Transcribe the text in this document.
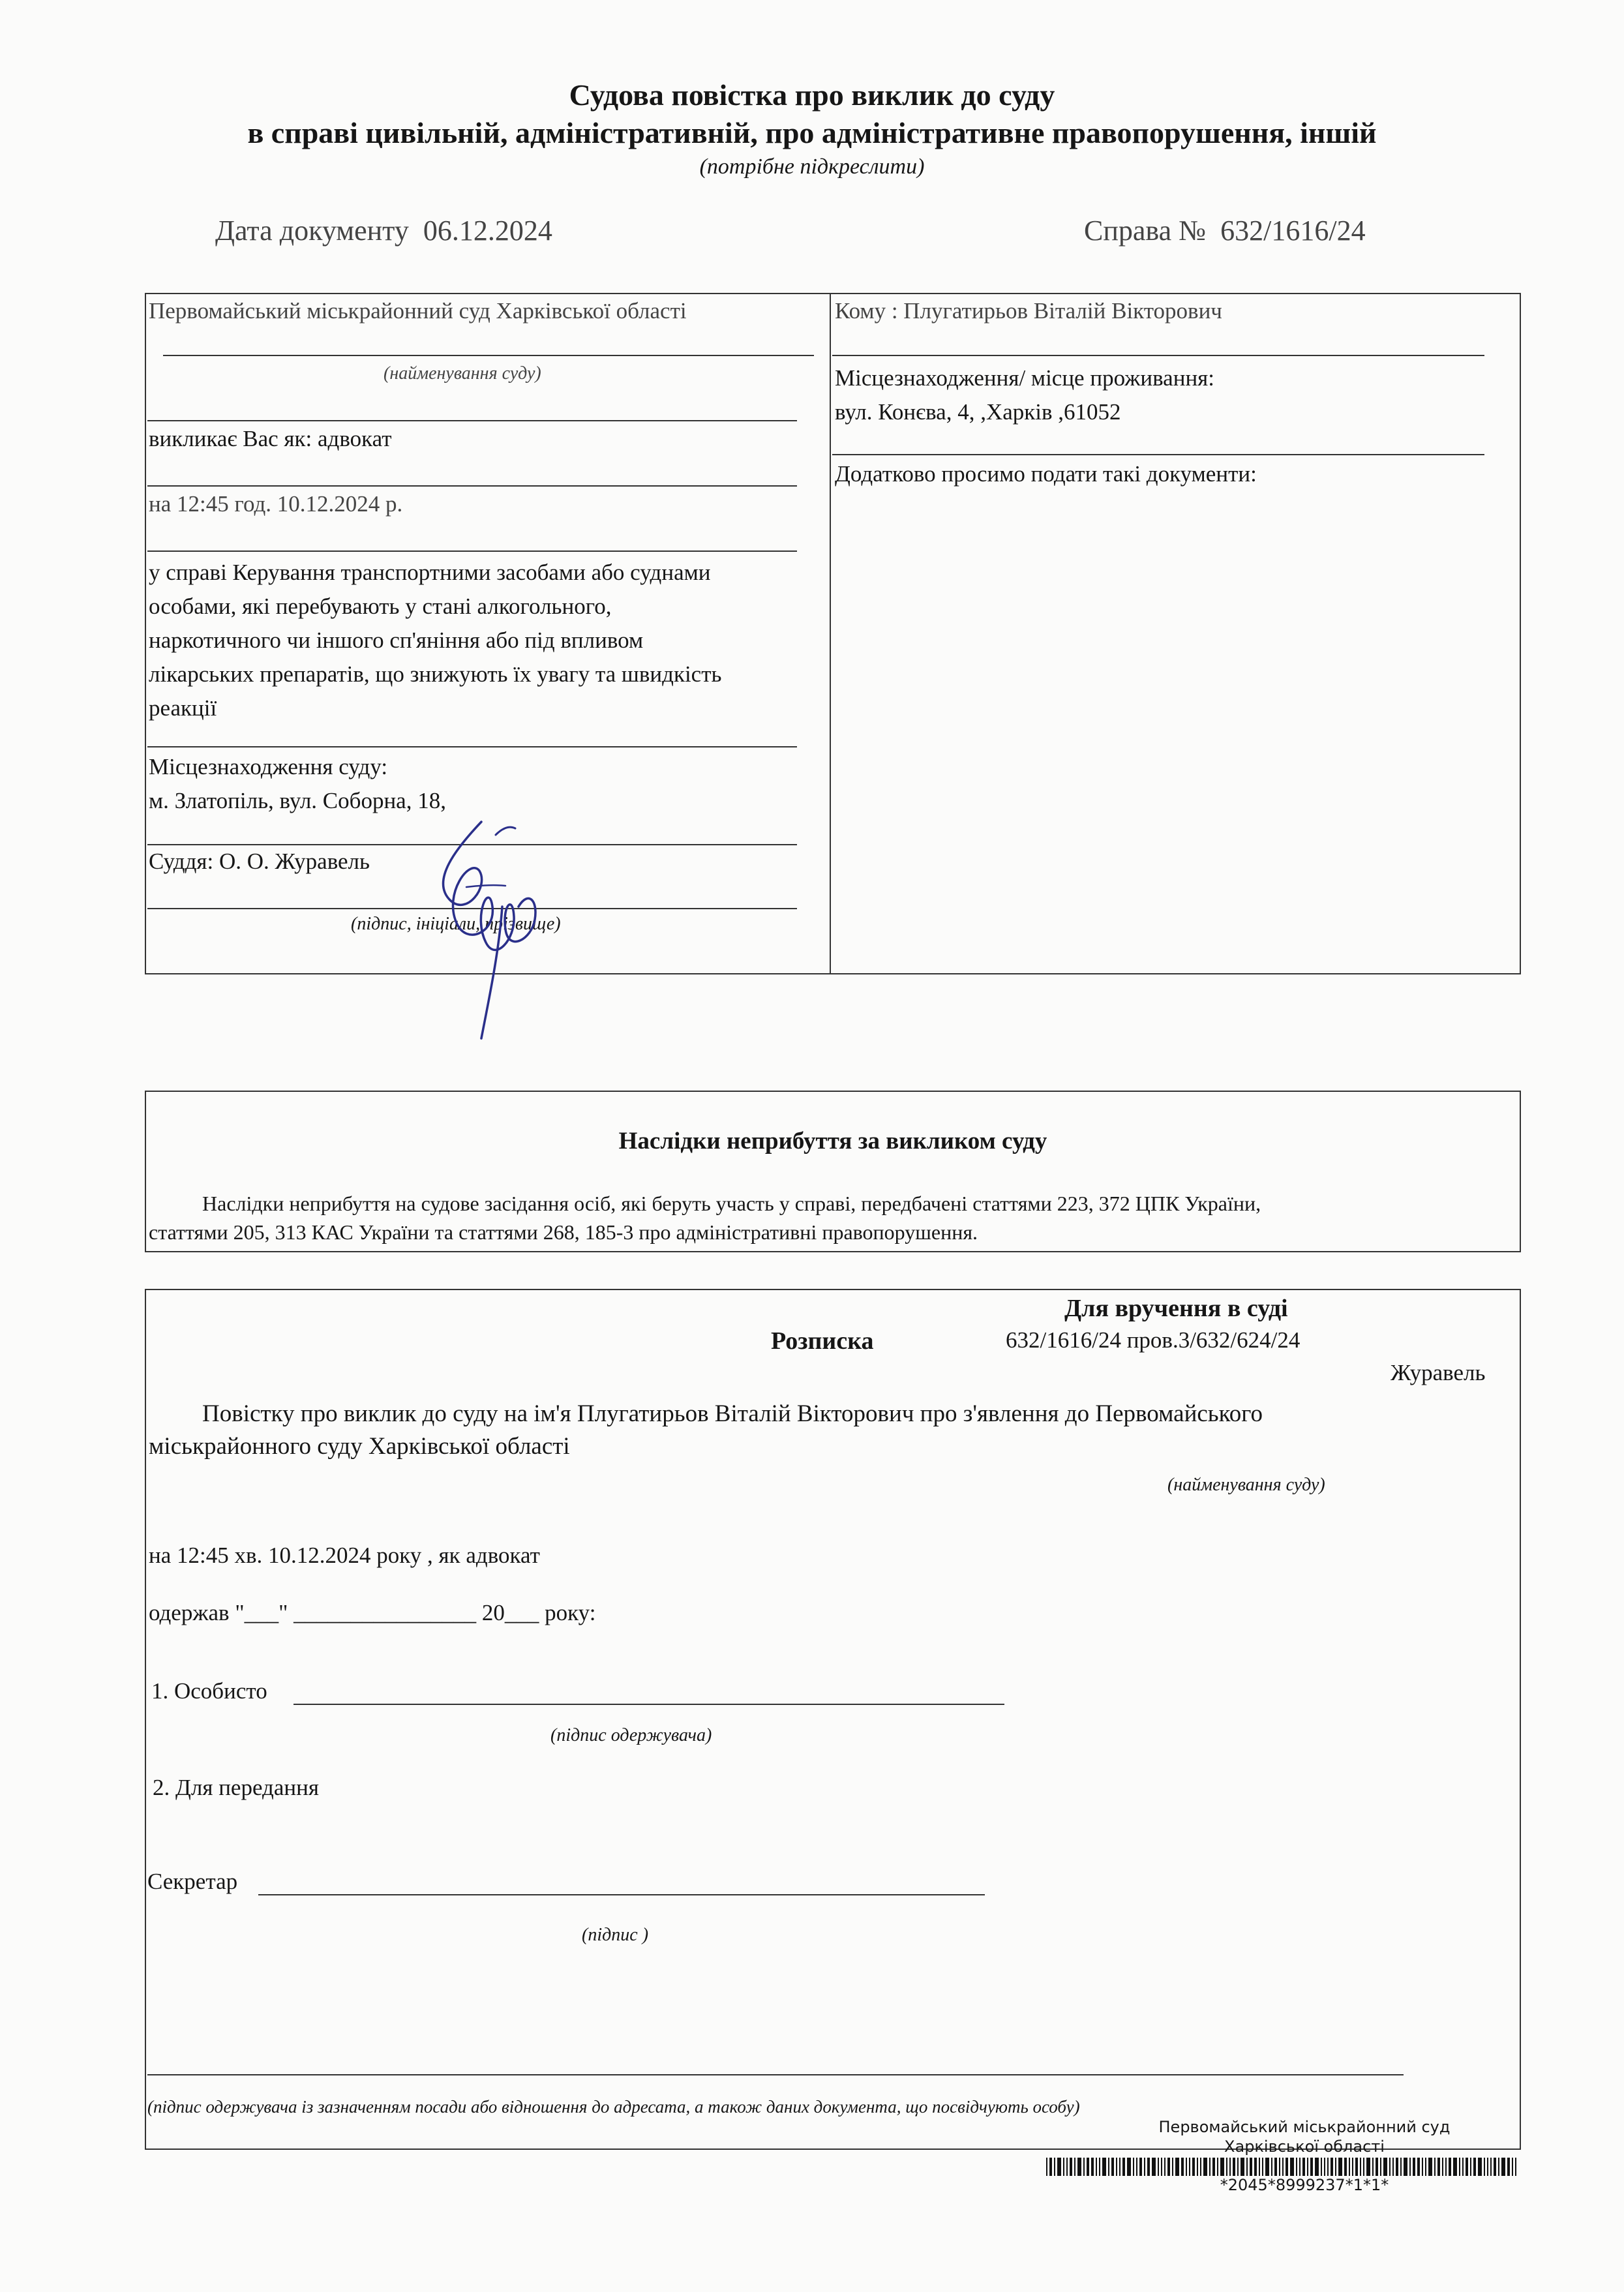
Судова повістка про виклик до суду
в справі цивільній, адміністративній, про адміністративне правопорушення, іншій
(потрібне підкреслити)
Дата документу 06.12.2024	Справа № 632/1616/24
Первомайський міськрайонний суд Харківської області
(найменування суду)
викликає Вас як: адвокат
на 12:45 год. 10.12.2024 р.
у справі Керування транспортними засобами або суднами
особами, які перебувають у стані алкогольного,
наркотичного чи іншого сп'яніння або під впливом
лікарських препаратів, що знижують їх увагу та швидкість
реакції
Місцезнаходження суду:
м. Златопіль, вул. Соборна, 18,
Суддя: О. О. Журавель
(підпис, ініціали, прізвище)
Кому : Плугатирьов Віталій Вікторович
Місцезнаходження/ місце проживання:
вул. Конєва, 4, ,Харків ,61052
Додатково просимо подати такі документи:
Наслідки неприбуття за викликом суду
Наслідки неприбуття на судове засідання осіб, які беруть участь у справі, передбачені статтями 223, 372 ЦПК України,
статтями 205, 313 КАС України та статтями 268, 185-3 про адміністративні правопорушення.
Для вручення в суді
Розписка	632/1616/24 пров.3/632/624/24
Журавель
Повістку про виклик до суду на ім'я Плугатирьов Віталій Вікторович про з'явлення до Первомайського
міськрайонного суду Харківської області
(найменування суду)
на 12:45 хв. 10.12.2024 року , як адвокат
одержав "___" ________________ 20___ року:
1. Особисто
(підпис одержувача)
2. Для передання
Секретар
(підпис )
(підпис одержувача із зазначенням посади або відношення до адресата, а також даних документа, що посвідчують особу)
Первомайський міськрайонний суд
Харківської області
*2045*8999237*1*1*
